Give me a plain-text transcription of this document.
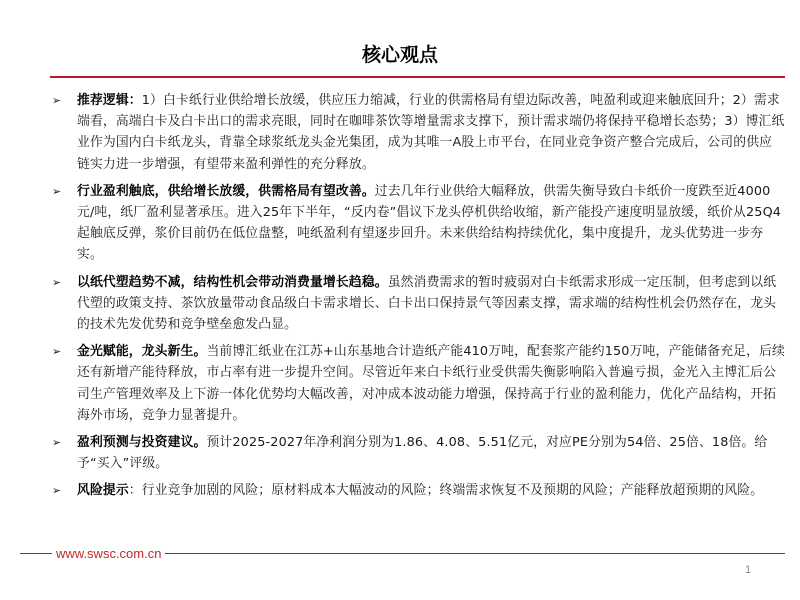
核心观点
➢ 推荐逻辑：1）白卡纸行业供给增长放缓，供应压力缩减，行业的供需格局有望边际改善，吨盈利或迎来触底回升；2）需求端看，高端白卡及白卡出口的需求亮眼，同时在咖啡茶饮等增量需求支撑下，预计需求端仍将保持平稳增长态势；3）博汇纸业作为国内白卡纸龙头，背靠全球浆纸龙头金光集团，成为其唯一A股上市平台，在同业竞争资产整合完成后，公司的供应链实力进一步增强，有望带来盈利弹性的充分释放。
➢ 行业盈利触底，供给增长放缓，供需格局有望改善。过去几年行业供给大幅释放，供需失衡导致白卡纸价一度跌至近4000元/吨，纸厂盈利显著承压。进入25年下半年，“反内卷”倡议下龙头停机供给收缩，新产能投产速度明显放缓，纸价从25Q4起触底反弹，浆价目前仍在低位盘整，吨纸盈利有望逐步回升。未来供给结构持续优化，集中度提升，龙头优势进一步夯实。
➢ 以纸代塑趋势不减，结构性机会带动消费量增长趋稳。虽然消费需求的暂时疲弱对白卡纸需求形成一定压制，但考虑到以纸代塑的政策支持、茶饮放量带动食品级白卡需求增长、白卡出口保持景气等因素支撑，需求端的结构性机会仍然存在，龙头的技术先发优势和竞争壁垒愈发凸显。
➢ 金光赋能，龙头新生。当前博汇纸业在江苏+山东基地合计造纸产能410万吨，配套浆产能约150万吨，产能储备充足，后续还有新增产能待释放，市占率有进一步提升空间。尽管近年来白卡纸行业受供需失衡影响陷入普遍亏损，金光入主博汇后公司生产管理效率及上下游一体化优势均大幅改善，对冲成本波动能力增强，保持高于行业的盈利能力，优化产品结构，开拓海外市场，竞争力显著提升。
➢ 盈利预测与投资建议。预计2025-2027年净利润分别为1.86、4.08、5.51亿元，对应PE分别为54倍、25倍、18倍。给予“买入”评级。
➢ 风险提示：行业竞争加剧的风险；原材料成本大幅波动的风险；终端需求恢复不及预期的风险；产能释放超预期的风险。
www.swsc.com.cn
1
